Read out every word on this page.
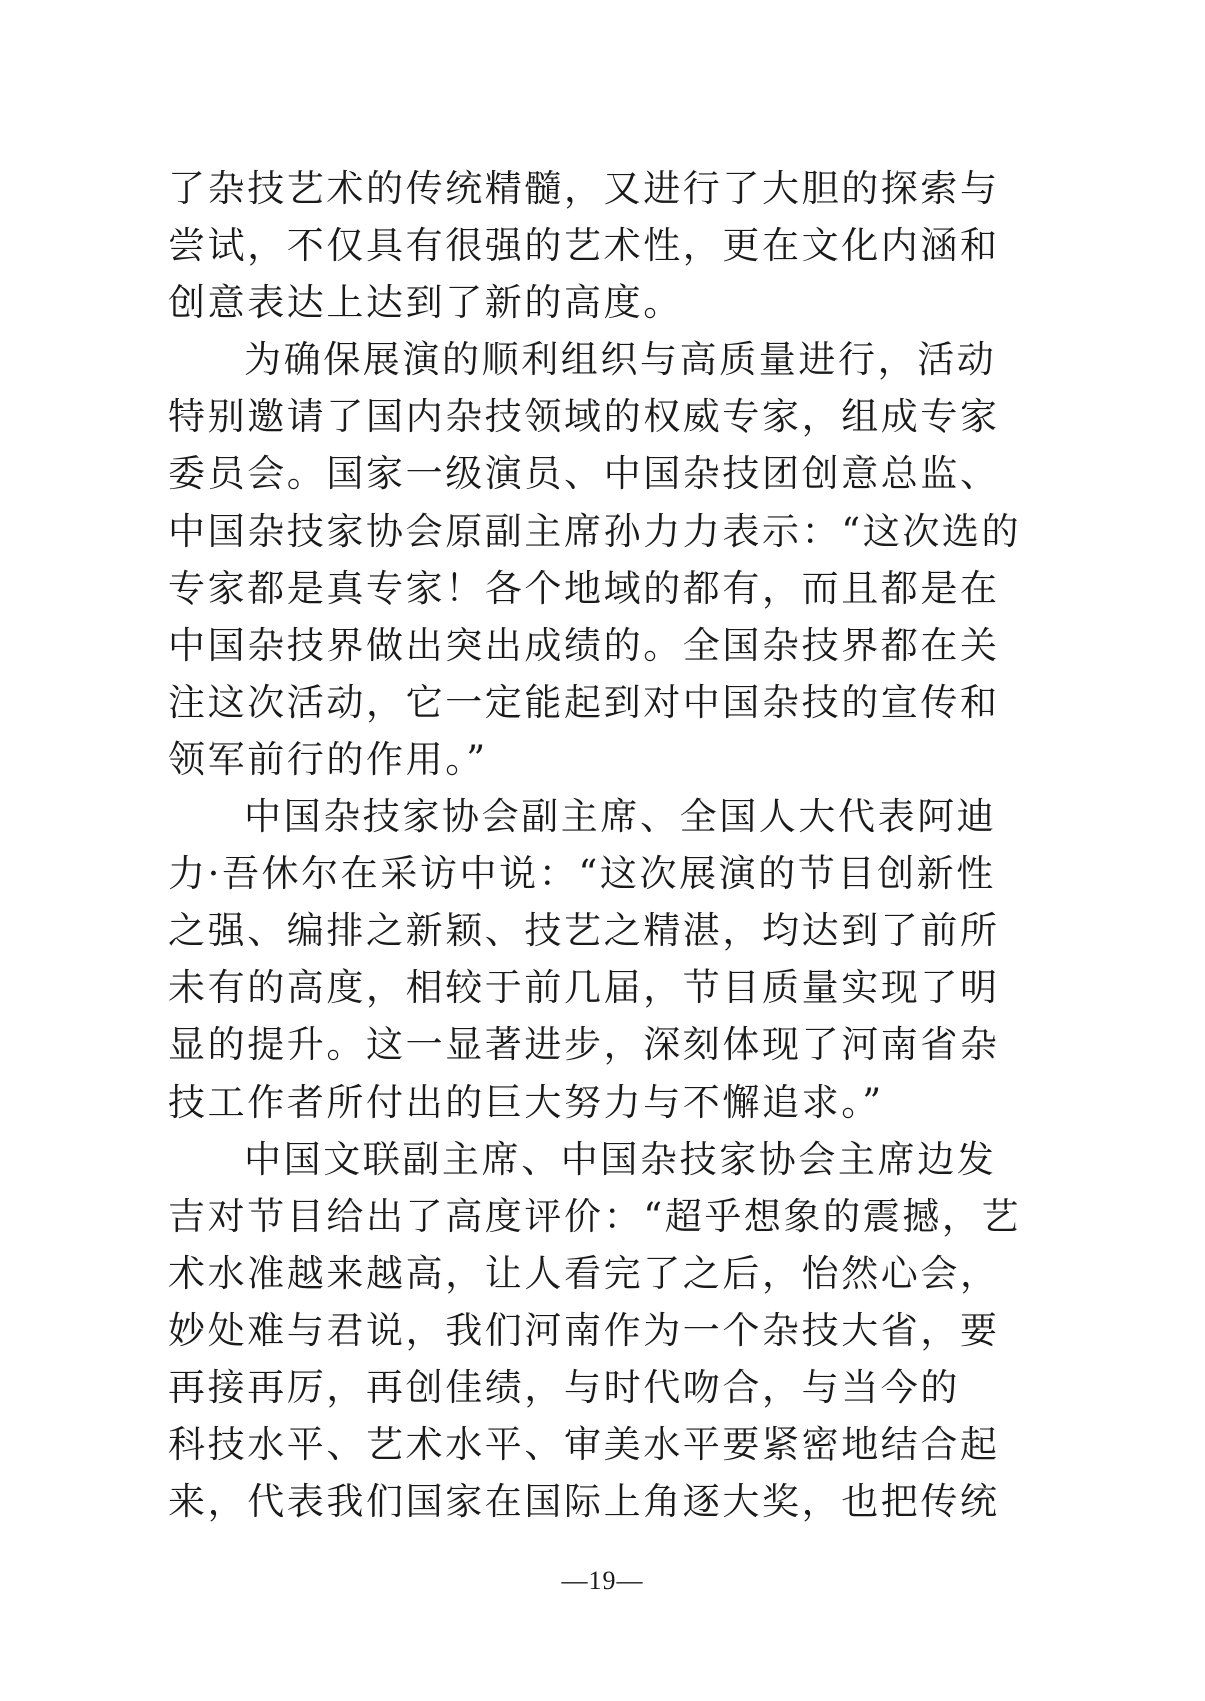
了杂技艺术的传统精髓，又进行了大胆的探索与
尝试，不仅具有很强的艺术性，更在文化内涵和
创意表达上达到了新的高度。
为确保展演的顺利组织与高质量进行，活动
特别邀请了国内杂技领域的权威专家，组成专家
委员会。国家一级演员、中国杂技团创意总监、
中国杂技家协会原副主席孙力力表示：“这次选的
专家都是真专家！各个地域的都有，而且都是在
中国杂技界做出突出成绩的。全国杂技界都在关
注这次活动，它一定能起到对中国杂技的宣传和
领军前行的作用。”
中国杂技家协会副主席、全国人大代表阿迪
力·吾休尔在采访中说：“这次展演的节目创新性
之强、编排之新颖、技艺之精湛，均达到了前所
未有的高度，相较于前几届，节目质量实现了明
显的提升。这一显著进步，深刻体现了河南省杂
技工作者所付出的巨大努力与不懈追求。”
中国文联副主席、中国杂技家协会主席边发
吉对节目给出了高度评价：“超乎想象的震撼，艺
术水准越来越高，让人看完了之后，怡然心会，
妙处难与君说，我们河南作为一个杂技大省，要
再接再厉，再创佳绩，与时代吻合，与当今的
科技水平、艺术水平、审美水平要紧密地结合起
来，代表我们国家在国际上角逐大奖，也把传统
—19—
